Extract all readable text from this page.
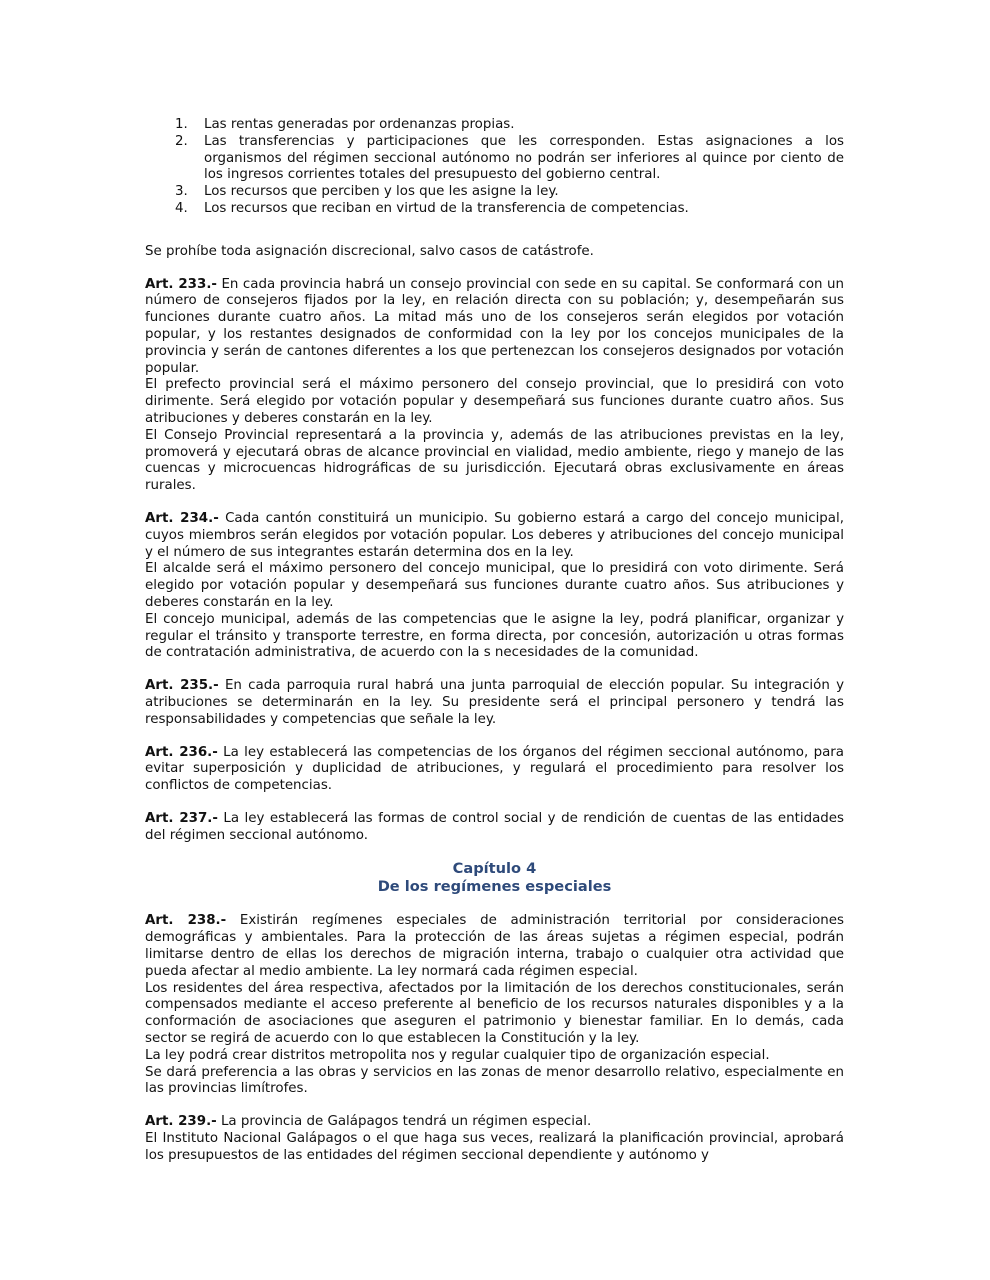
1. Las rentas generadas por ordenanzas propias.
2. Las transferencias y participaciones que les corresponden. Estas asignaciones a los organismos del régimen seccional autónomo no podrán ser inferiores al quince por ciento de los ingresos corrientes totales del presupuesto del gobierno central.
3. Los recursos que perciben y los que les asigne la ley.
4. Los recursos que reciban en virtud de la transferencia de competencias.

Se prohíbe toda asignación discrecional, salvo casos de catástrofe.

Art. 233.- En cada provincia habrá un consejo provincial con sede en su capital. Se conformará con un número de consejeros fijados por la ley, en relación directa con su población; y, desempeñarán sus funciones durante cuatro años. La mitad más uno de los consejeros serán elegidos por votación popular, y los restantes designados de conformidad con la ley por los concejos municipales de la provincia y serán de cantones diferentes a los que pertenezcan los consejeros designados por votación popular.

El prefecto provincial será el máximo personero del consejo provincial, que lo presidirá con voto dirimente. Será elegido por votación popular y desempeñará sus funciones durante cuatro años. Sus atribuciones y deberes constarán en la ley.

El Consejo Provincial representará a la provincia y, además de las atribuciones previstas en la ley, promoverá y ejecutará obras de alcance provincial en vialidad, medio ambiente, riego y manejo de las cuencas y microcuencas hidrográficas de su jurisdicción. Ejecutará obras exclusivamente en áreas rurales.

Art. 234.- Cada cantón constituirá un municipio. Su gobierno estará a cargo del concejo municipal, cuyos miembros serán elegidos por votación popular. Los deberes y atribuciones del concejo municipal y el número de sus integrantes estarán determina dos en la ley.

El alcalde será el máximo personero del concejo municipal, que lo presidirá con voto dirimente. Será elegido por votación popular y desempeñará sus funciones durante cuatro años. Sus atribuciones y deberes constarán en la ley.

El concejo municipal, además de las competencias que le asigne la ley, podrá planificar, organizar y regular el tránsito y transporte terrestre, en forma directa, por concesión, autorización u otras formas de contratación administrativa, de acuerdo con la s necesidades de la comunidad.

Art. 235.- En cada parroquia rural habrá una junta parroquial de elección popular. Su integración y atribuciones se determinarán en la ley. Su presidente será el principal personero y tendrá las responsabilidades y competencias que señale la ley.

Art. 236.- La ley establecerá las competencias de los órganos del régimen seccional autónomo, para evitar superposición y duplicidad de atribuciones, y regulará el procedimiento para resolver los conflictos de competencias.

Art. 237.- La ley establecerá las formas de control social y de rendición de cuentas de las entidades del régimen seccional autónomo.

Capítulo 4
De los regímenes especiales

Art. 238.- Existirán regímenes especiales de administración territorial por consideraciones demográficas y ambientales. Para la protección de las áreas sujetas a régimen especial, podrán limitarse dentro de ellas los derechos de migración interna, trabajo o cualquier otra actividad que pueda afectar al medio ambiente. La ley normará cada régimen especial.

Los residentes del área respectiva, afectados por la limitación de los derechos constitucionales, serán compensados mediante el acceso preferente al beneficio de los recursos naturales disponibles y a la conformación de asociaciones que aseguren el patrimonio y bienestar familiar. En lo demás, cada sector se regirá de acuerdo con lo que establecen la Constitución y la ley.

La ley podrá crear distritos metropolita nos y regular cualquier tipo de organización especial.

Se dará preferencia a las obras y servicios en las zonas de menor desarrollo relativo, especialmente en las provincias limítrofes.

Art. 239.- La provincia de Galápagos tendrá un régimen especial.

El Instituto Nacional Galápagos o el que haga sus veces, realizará la planificación provincial, aprobará los presupuestos de las entidades del régimen seccional dependiente y autónomo y
